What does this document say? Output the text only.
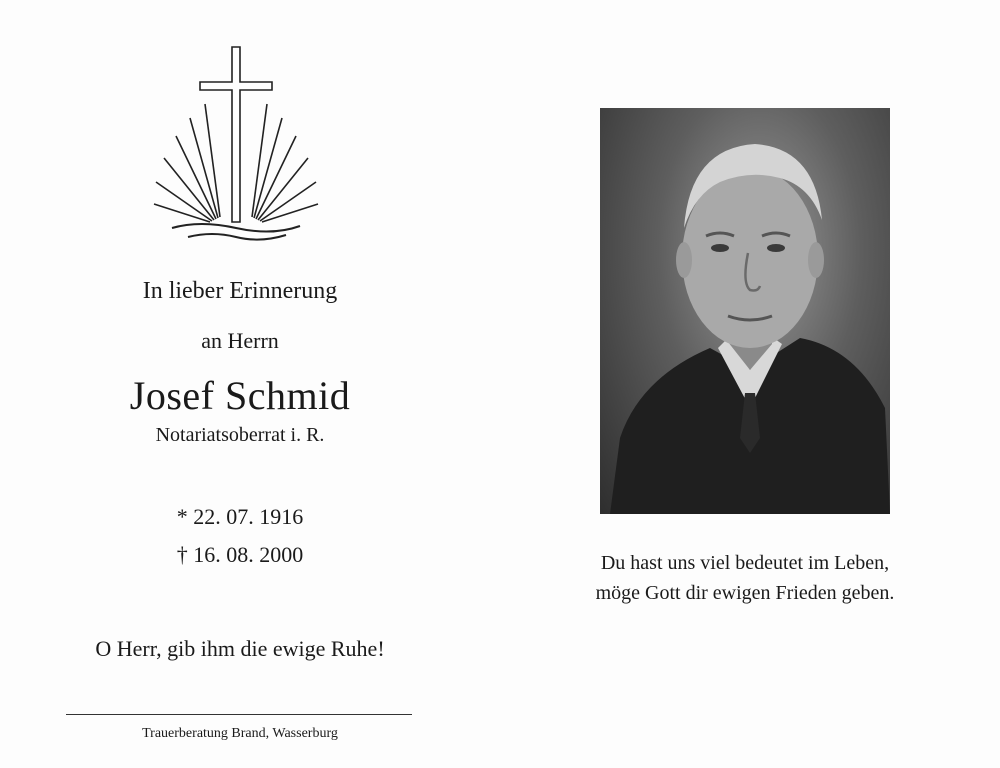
In lieber Erinnerung
an Herrn
Josef Schmid
Notariatsoberrat i. R.
* 22. 07. 1916
† 16. 08. 2000
O Herr, gib ihm die ewige Ruhe!
Trauerberatung Brand, Wasserburg
Du hast uns viel bedeutet im Leben,
möge Gott dir ewigen Frieden geben.
